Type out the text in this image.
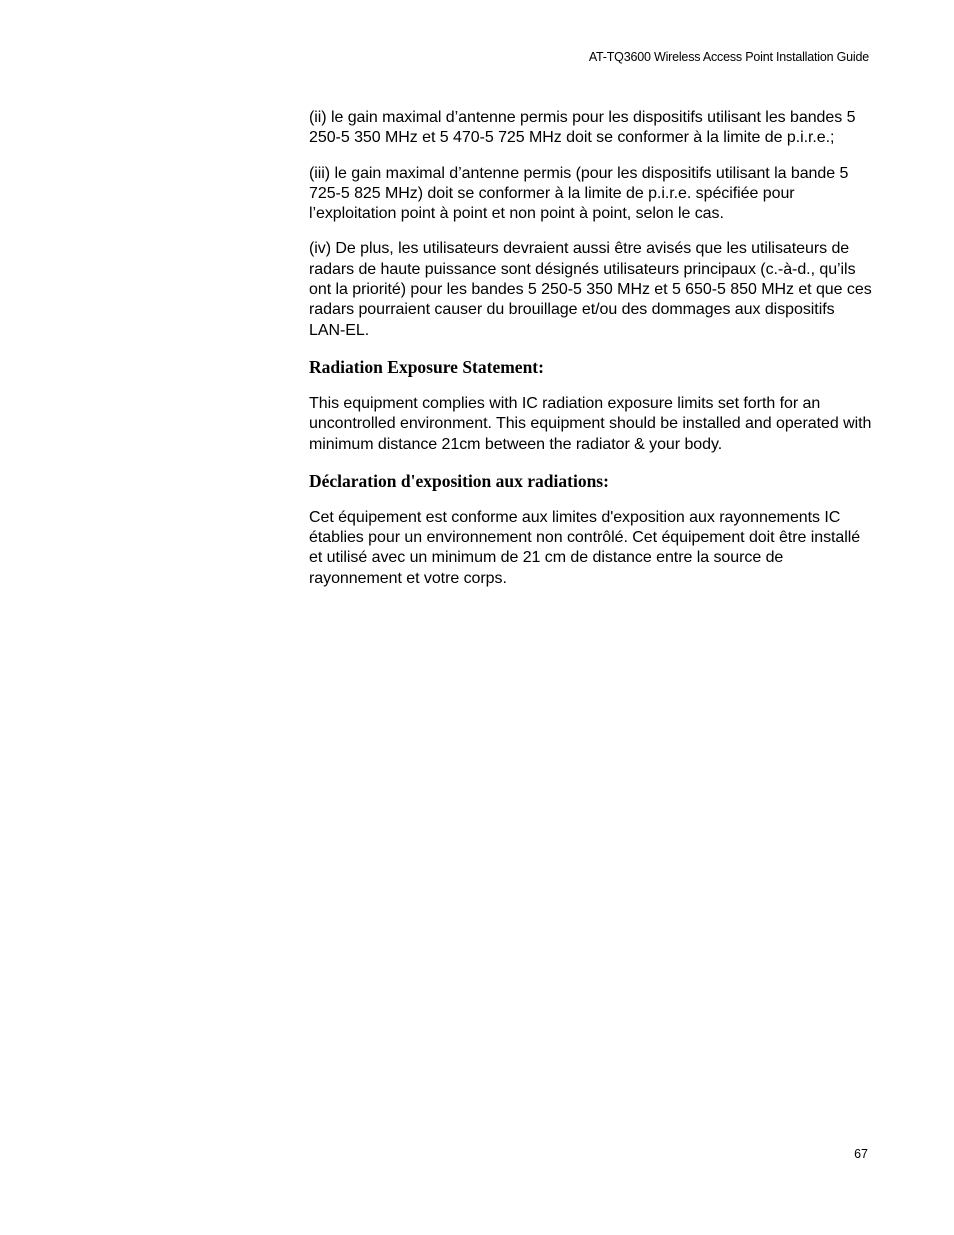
AT-TQ3600 Wireless Access Point Installation Guide

(ii) le gain maximal d’antenne permis pour les dispositifs utilisant les bandes 5 250-5 350 MHz et 5 470-5 725 MHz doit se conformer à la limite de p.i.r.e.;

(iii) le gain maximal d’antenne permis (pour les dispositifs utilisant la bande 5 725-5 825 MHz) doit se conformer à la limite de p.i.r.e. spécifiée pour l’exploitation point à point et non point à point, selon le cas.

(iv) De plus, les utilisateurs devraient aussi être avisés que les utilisateurs de radars de haute puissance sont désignés utilisateurs principaux (c.-à-d., qu’ils ont la priorité) pour les bandes 5 250-5 350 MHz et 5 650-5 850 MHz et que ces radars pourraient causer du brouillage et/ou des dommages aux dispositifs LAN-EL.

Radiation Exposure Statement:

This equipment complies with IC radiation exposure limits set forth for an uncontrolled environment. This equipment should be installed and operated with minimum distance 21cm between the radiator & your body.

Déclaration d'exposition aux radiations:

Cet équipement est conforme aux limites d'exposition aux rayonnements IC établies pour un environnement non contrôlé. Cet équipement doit être installé et utilisé avec un minimum de 21 cm de distance entre la source de rayonnement et votre corps.

67
